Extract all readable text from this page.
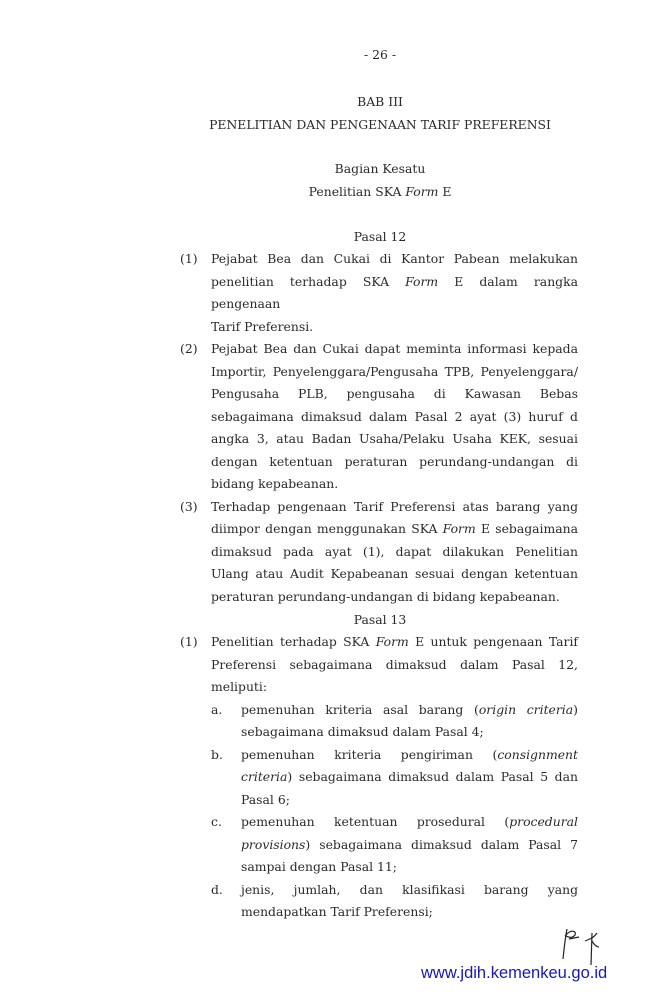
- 26 -
BAB III
PENELITIAN DAN PENGENAAN TARIF PREFERENSI
Bagian Kesatu
Penelitian SKA Form E
Pasal 12
(1) Pejabat Bea dan Cukai di Kantor Pabean melakukan
penelitian terhadap SKA Form E dalam rangka pengenaan
Tarif Preferensi.
(2) Pejabat Bea dan Cukai dapat meminta informasi kepada
Importir, Penyelenggara/Pengusaha TPB, Penyelenggara/
Pengusaha PLB, pengusaha di Kawasan Bebas
sebagaimana dimaksud dalam Pasal 2 ayat (3) huruf d
angka 3, atau Badan Usaha/Pelaku Usaha KEK, sesuai
dengan ketentuan peraturan perundang-undangan di
bidang kepabeanan.
(3) Terhadap pengenaan Tarif Preferensi atas barang yang
diimpor dengan menggunakan SKA Form E sebagaimana
dimaksud pada ayat (1), dapat dilakukan Penelitian
Ulang atau Audit Kepabeanan sesuai dengan ketentuan
peraturan perundang-undangan di bidang kepabeanan.
Pasal 13
(1) Penelitian terhadap SKA Form E untuk pengenaan Tarif
Preferensi sebagaimana dimaksud dalam Pasal 12,
meliputi:
a. pemenuhan kriteria asal barang (origin criteria)
sebagaimana dimaksud dalam Pasal 4;
b. pemenuhan kriteria pengiriman (consignment
criteria) sebagaimana dimaksud dalam Pasal 5 dan
Pasal 6;
c. pemenuhan ketentuan prosedural (procedural
provisions) sebagaimana dimaksud dalam Pasal 7
sampai dengan Pasal 11;
d. jenis, jumlah, dan klasifikasi barang yang
mendapatkan Tarif Preferensi;
www.jdih.kemenkeu.go.id
